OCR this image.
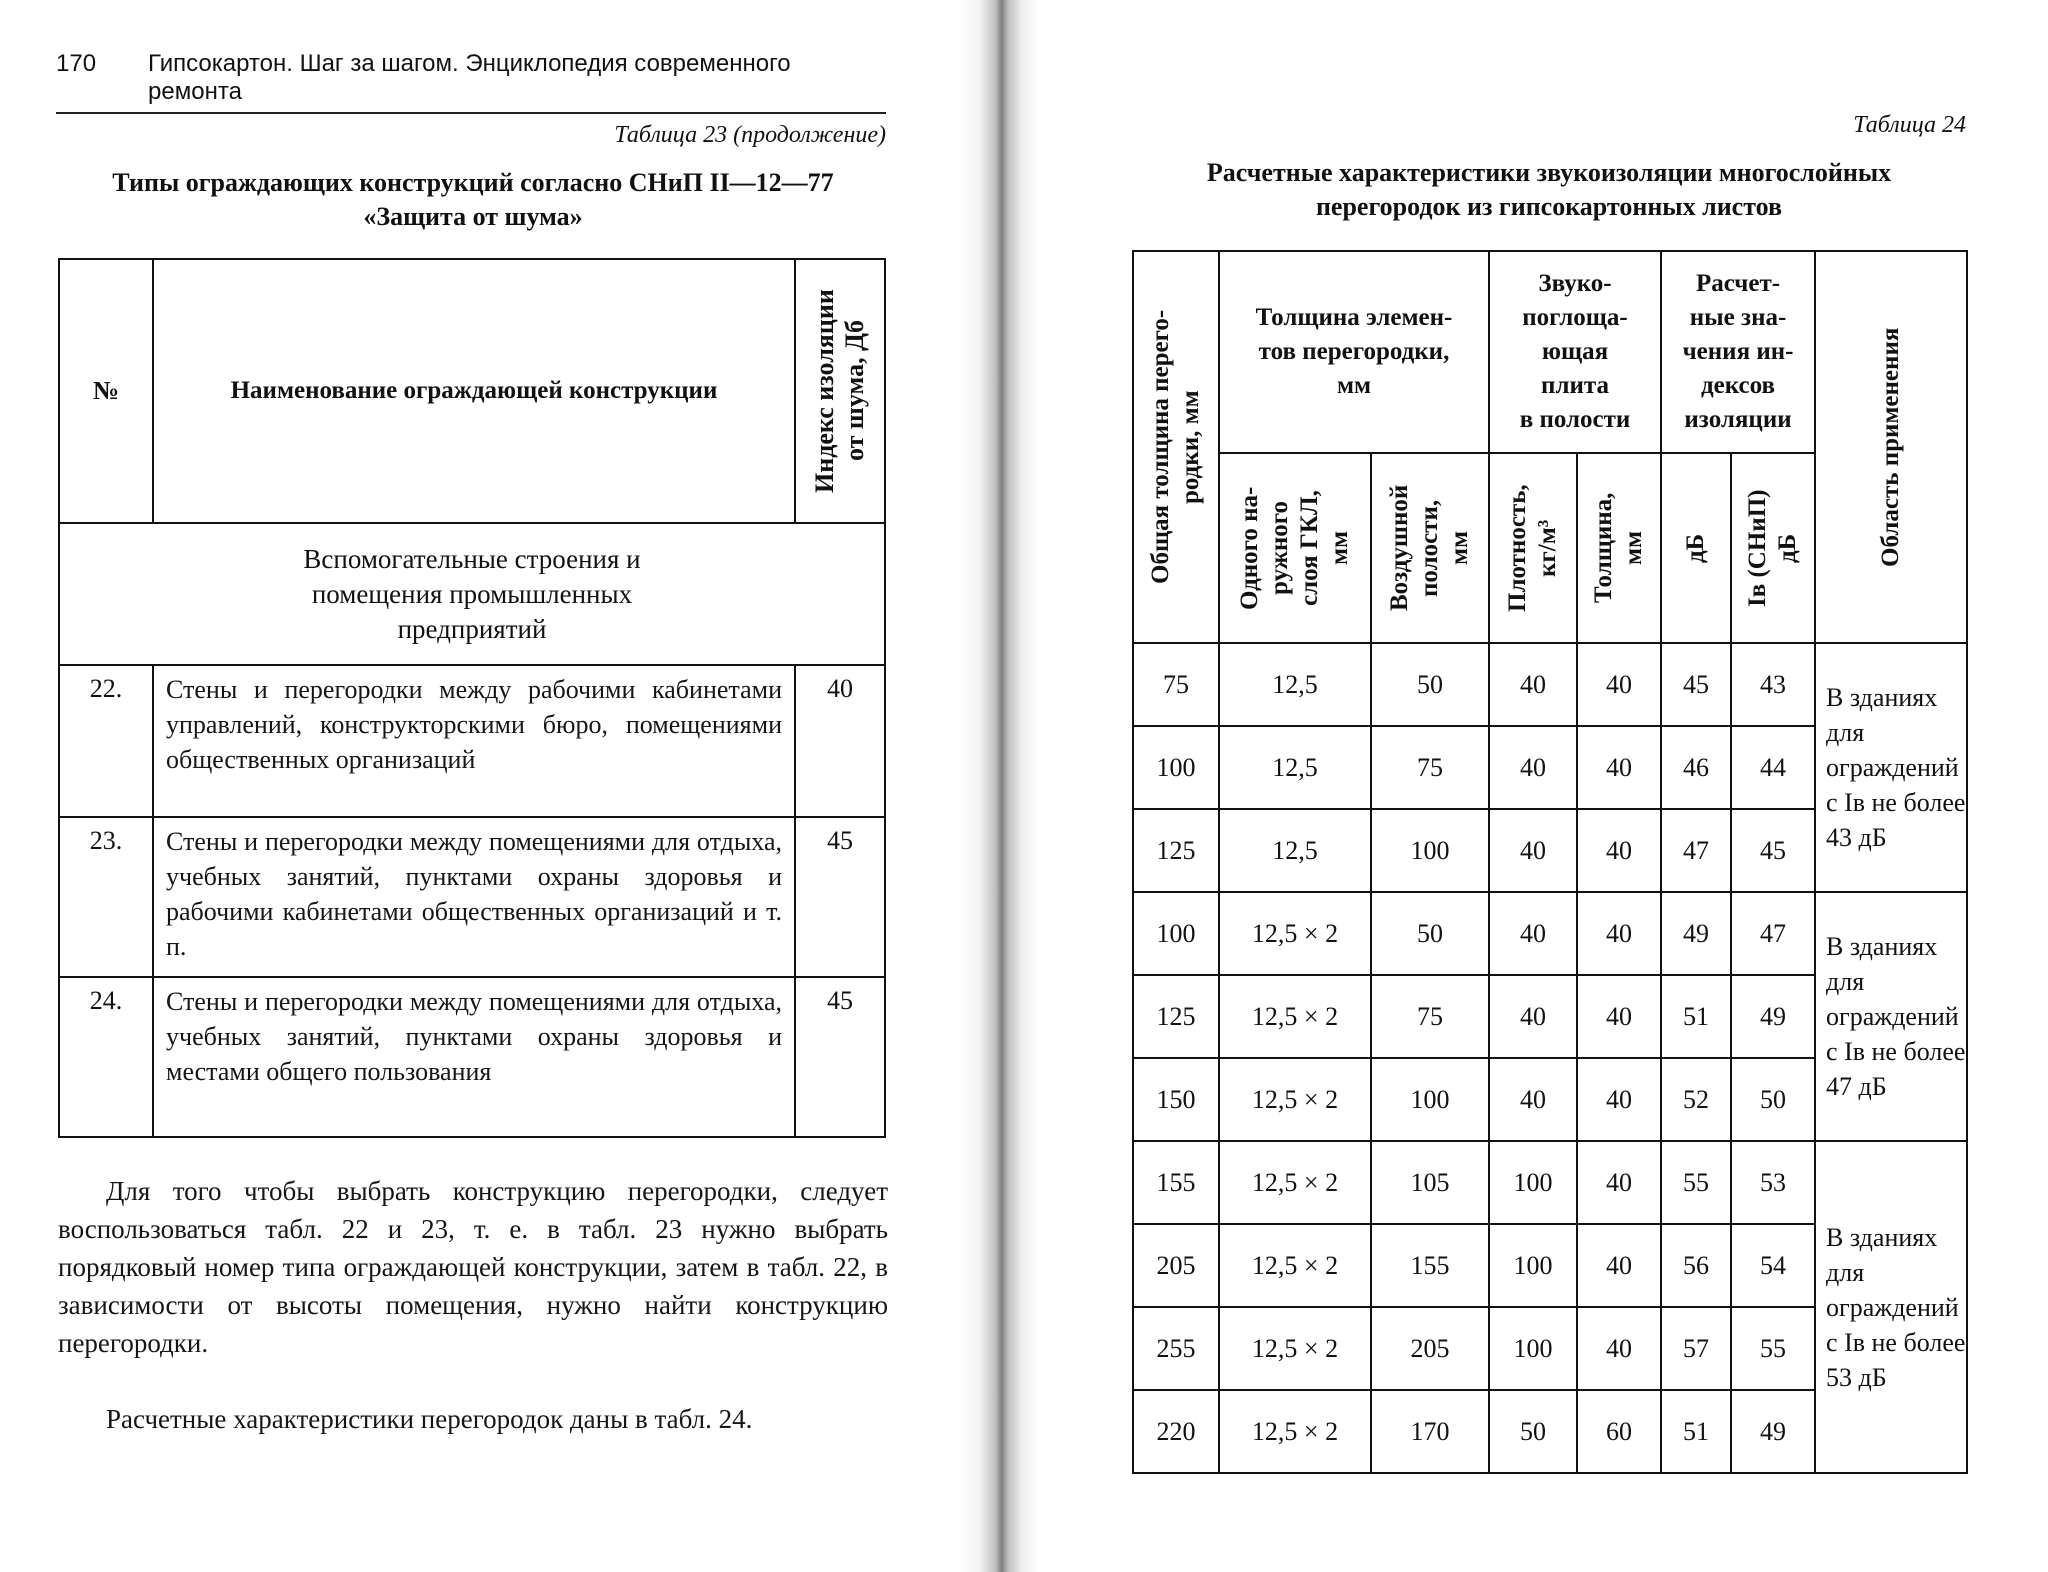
170 Гипсокартон. Шаг за шагом. Энциклопедия современного ремонта
Таблица 23 (продолжение)
Типы ограждающих конструкций согласно СНиП II—12—77
«Защита от шума»
№	Наименование ограждающей конструкции	Индекс изоляции
от шума, Дб

Вспомогательные строения и
помещения промышленных
предприятий		
22.	Стены и перегородки между рабочими кабинетами управлений, конструкторскими бюро, помещениями общественных организаций	40
23.	Стены и перегородки между помещениями для отдыха, учебных занятий, пунктами охраны здоровья и рабочими кабинетами общественных организаций и т. п.	45
24.	Стены и перегородки между помещениями для отдыха, учебных занятий, пунктами охраны здоровья и местами общего пользования	45
Для того чтобы выбрать конструкцию перегородки, следует воспользоваться табл. 22 и 23, т. е. в табл. 23 нужно выбрать порядковый номер типа ограждающей конструкции, затем в табл. 22, в зависимости от высоты помещения, нужно найти конструкцию перегородки.
Расчетные характеристики перегородок даны в табл. 24.
Таблица 24
Расчетные характеристики звукоизоляции многослойных
перегородок из гипсокартонных листов
Общая толщина перего-
родки, мм	Толщина элемен-
тов перегородки,
мм		Звуко-
поглоща-
ющая
плита
в полости		Расчет-
ные зна-
чения ин-
дексов
изоляции		Область применения

	Одного на-
ружного
слоя ГКЛ,
мм	Воздушной
полости,
мм	Плотность,
кг/м³	Толщина,
мм	дБ	Iв (СНиП)
дБ	

75	12,5	50	40	40	45	43	В зданиях для ограждений с Iв не более 43 дБ
100	12,5	75	40	40	46	44	
125	12,5	100	40	40	47	45	
100	12,5 × 2	50	40	40	49	47	В зданиях для ограждений с Iв не более 47 дБ
125	12,5 × 2	75	40	40	51	49	
150	12,5 × 2	100	40	40	52	50	
155	12,5 × 2	105	100	40	55	53	В зданиях для ограждений с Iв не более 53 дБ
205	12,5 × 2	155	100	40	56	54	
255	12,5 × 2	205	100	40	57	55	
220	12,5 × 2	170	50	60	51	49	
